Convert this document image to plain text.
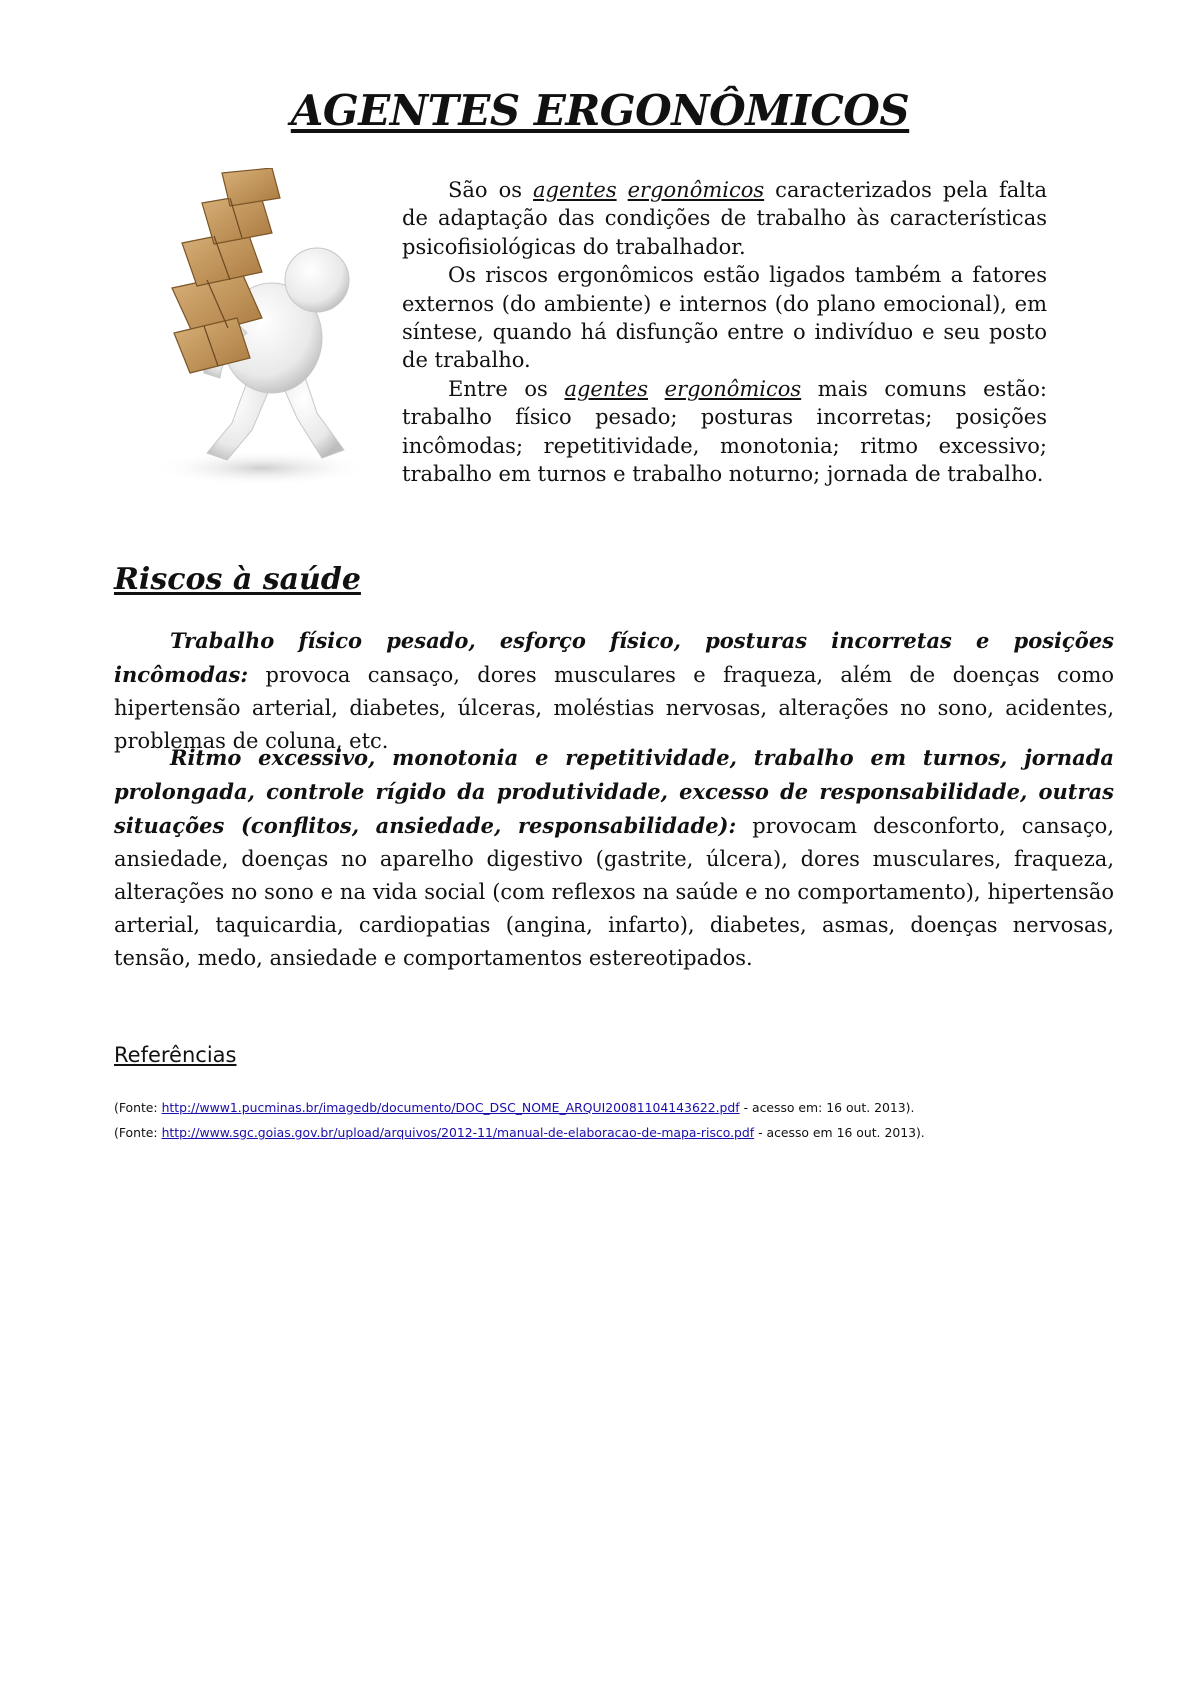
AGENTES ERGONÔMICOS

São os agentes ergonômicos caracterizados pela falta de adaptação das condições de trabalho às características psicofisiológicas do trabalhador.

Os riscos ergonômicos estão ligados também a fatores externos (do ambiente) e internos (do plano emocional), em síntese, quando há disfunção entre o indivíduo e seu posto de trabalho.

Entre os agentes ergonômicos mais comuns estão: trabalho físico pesado; posturas incorretas; posições incômodas; repetitividade, monotonia; ritmo excessivo; trabalho em turnos e trabalho noturno; jornada de trabalho.

Riscos à saúde

Trabalho físico pesado, esforço físico, posturas incorretas e posições incômodas: provoca cansaço, dores musculares e fraqueza, além de doenças como hipertensão arterial, diabetes, úlceras, moléstias nervosas, alterações no sono, acidentes, problemas de coluna, etc.

Ritmo excessivo, monotonia e repetitividade, trabalho em turnos, jornada prolongada, controle rígido da produtividade, excesso de responsabilidade, outras situações (conflitos, ansiedade, responsabilidade): provocam desconforto, cansaço, ansiedade, doenças no aparelho digestivo (gastrite, úlcera), dores musculares, fraqueza, alterações no sono e na vida social (com reflexos na saúde e no comportamento), hipertensão arterial, taquicardia, cardiopatias (angina, infarto), diabetes, asmas, doenças nervosas, tensão, medo, ansiedade e comportamentos estereotipados.

Referências
(Fonte: http://www1.pucminas.br/imagedb/documento/DOC_DSC_NOME_ARQUI20081104143622.pdf - acesso em: 16 out. 2013).
(Fonte: http://www.sgc.goias.gov.br/upload/arquivos/2012-11/manual-de-elaboracao-de-mapa-risco.pdf - acesso em 16 out. 2013).
